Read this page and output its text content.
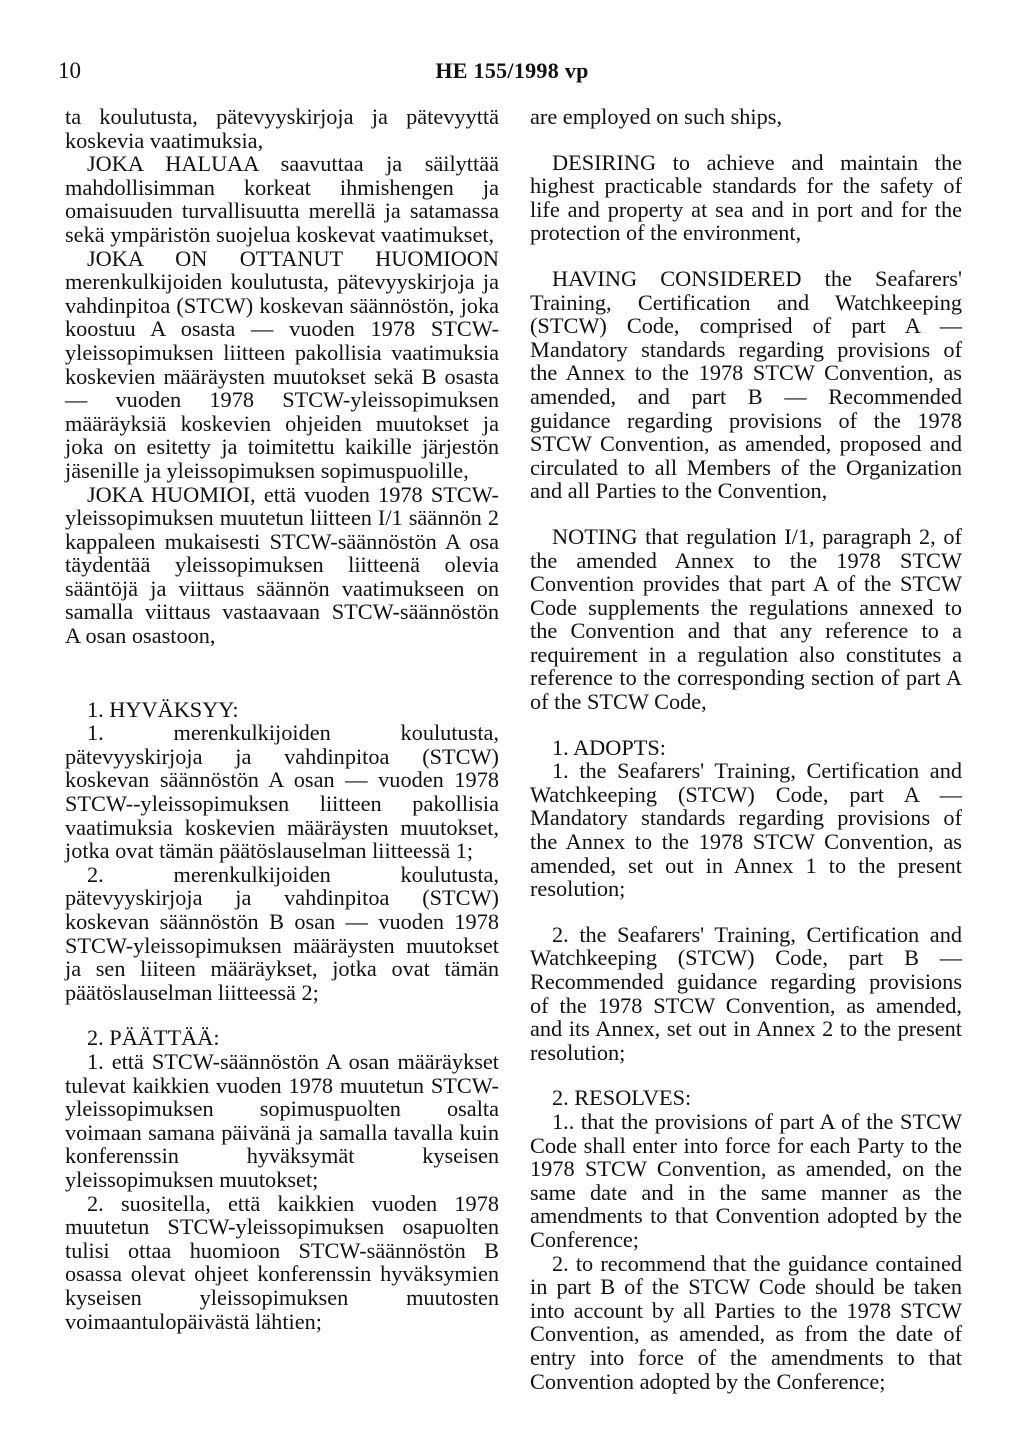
10	HE 155/1998 vp

ta koulutusta, pätevyyskirjoja ja pätevyyttä koskevia vaatimuksia,

JOKA HALUAA saavuttaa ja säilyttää mahdollisimman korkeat ihmishengen ja omaisuuden turvallisuutta merellä ja satamassa sekä ympäristön suojelua koskevat vaatimukset,

JOKA ON OTTANUT HUOMIOON merenkulkijoiden koulutusta, pätevyyskirjoja ja vahdinpitoa (STCW) koskevan säännöstön, joka koostuu A osasta — vuoden 1978 STCW-yleissopimuksen liitteen pakollisia vaatimuksia koskevien määräysten muutokset sekä B osasta — vuoden 1978 STCW-yleissopimuksen määräyksiä koskevien ohjeiden muutokset ja joka on esitetty ja toimitettu kaikille järjestön jäsenille ja yleissopimuksen sopimuspuolille,

JOKA HUOMIOI, että vuoden 1978 STCW-yleissopimuksen muutetun liitteen I/1 säännön 2 kappaleen mukaisesti STCW-säännöstön A osa täydentää yleissopimuksen liitteenä olevia sääntöjä ja viittaus säännön vaatimukseen on samalla viittaus vastaavaan STCW-säännöstön A osan osastoon,

1. HYVÄKSYY:

1. merenkulkijoiden koulutusta, pätevyyskirjoja ja vahdinpitoa (STCW) koskevan säännöstön A osan — vuoden 1978 STCW--yleissopimuksen liitteen pakollisia vaatimuksia koskevien määräysten muutokset, jotka ovat tämän päätöslauselman liitteessä 1;

2. merenkulkijoiden koulutusta, pätevyyskirjoja ja vahdinpitoa (STCW) koskevan säännöstön B osan — vuoden 1978 STCW-yleissopimuksen määräysten muutokset ja sen liiteen määräykset, jotka ovat tämän päätöslauselman liitteessä 2;

2. PÄÄTTÄÄ:

1. että STCW-säännöstön A osan määräykset tulevat kaikkien vuoden 1978 muutetun STCW-yleissopimuksen sopimuspuolten osalta voimaan samana päivänä ja samalla tavalla kuin konferenssin hyväksymät kyseisen yleissopimuksen muutokset;

2. suositella, että kaikkien vuoden 1978 muutetun STCW-yleissopimuksen osapuolten tulisi ottaa huomioon STCW-säännöstön B osassa olevat ohjeet konferenssin hyväksymien kyseisen yleissopimuksen muutosten voimaantulopäivästä lähtien;

are employed on such ships,

DESIRING to achieve and maintain the highest practicable standards for the safety of life and property at sea and in port and for the protection of the environment,

HAVING CONSIDERED the Seafarers' Training, Certification and Watchkeeping (STCW) Code, comprised of part A — Mandatory standards regarding provisions of the Annex to the 1978 STCW Convention, as amended, and part B — Recommended guidance regarding provisions of the 1978 STCW Convention, as amended, proposed and circulated to all Members of the Organization and all Parties to the Convention,

NOTING that regulation I/1, paragraph 2, of the amended Annex to the 1978 STCW Convention provides that part A of the STCW Code supplements the regulations annexed to the Convention and that any reference to a requirement in a regulation also constitutes a reference to the corresponding section of part A of the STCW Code,

1. ADOPTS:

1. the Seafarers' Training, Certification and Watchkeeping (STCW) Code, part A — Mandatory standards regarding provisions of the Annex to the 1978 STCW Convention, as amended, set out in Annex 1 to the present resolution;

2. the Seafarers' Training, Certification and Watchkeeping (STCW) Code, part B — Recommended guidance regarding provisions of the 1978 STCW Convention, as amended, and its Annex, set out in Annex 2 to the present resolution;

2. RESOLVES:

1.. that the provisions of part A of the STCW Code shall enter into force for each Party to the 1978 STCW Convention, as amended, on the same date and in the same manner as the amendments to that Convention adopted by the Conference;

2. to recommend that the guidance contained in part B of the STCW Code should be taken into account by all Parties to the 1978 STCW Convention, as amended, as from the date of entry into force of the amendments to that Convention adopted by the Conference;
